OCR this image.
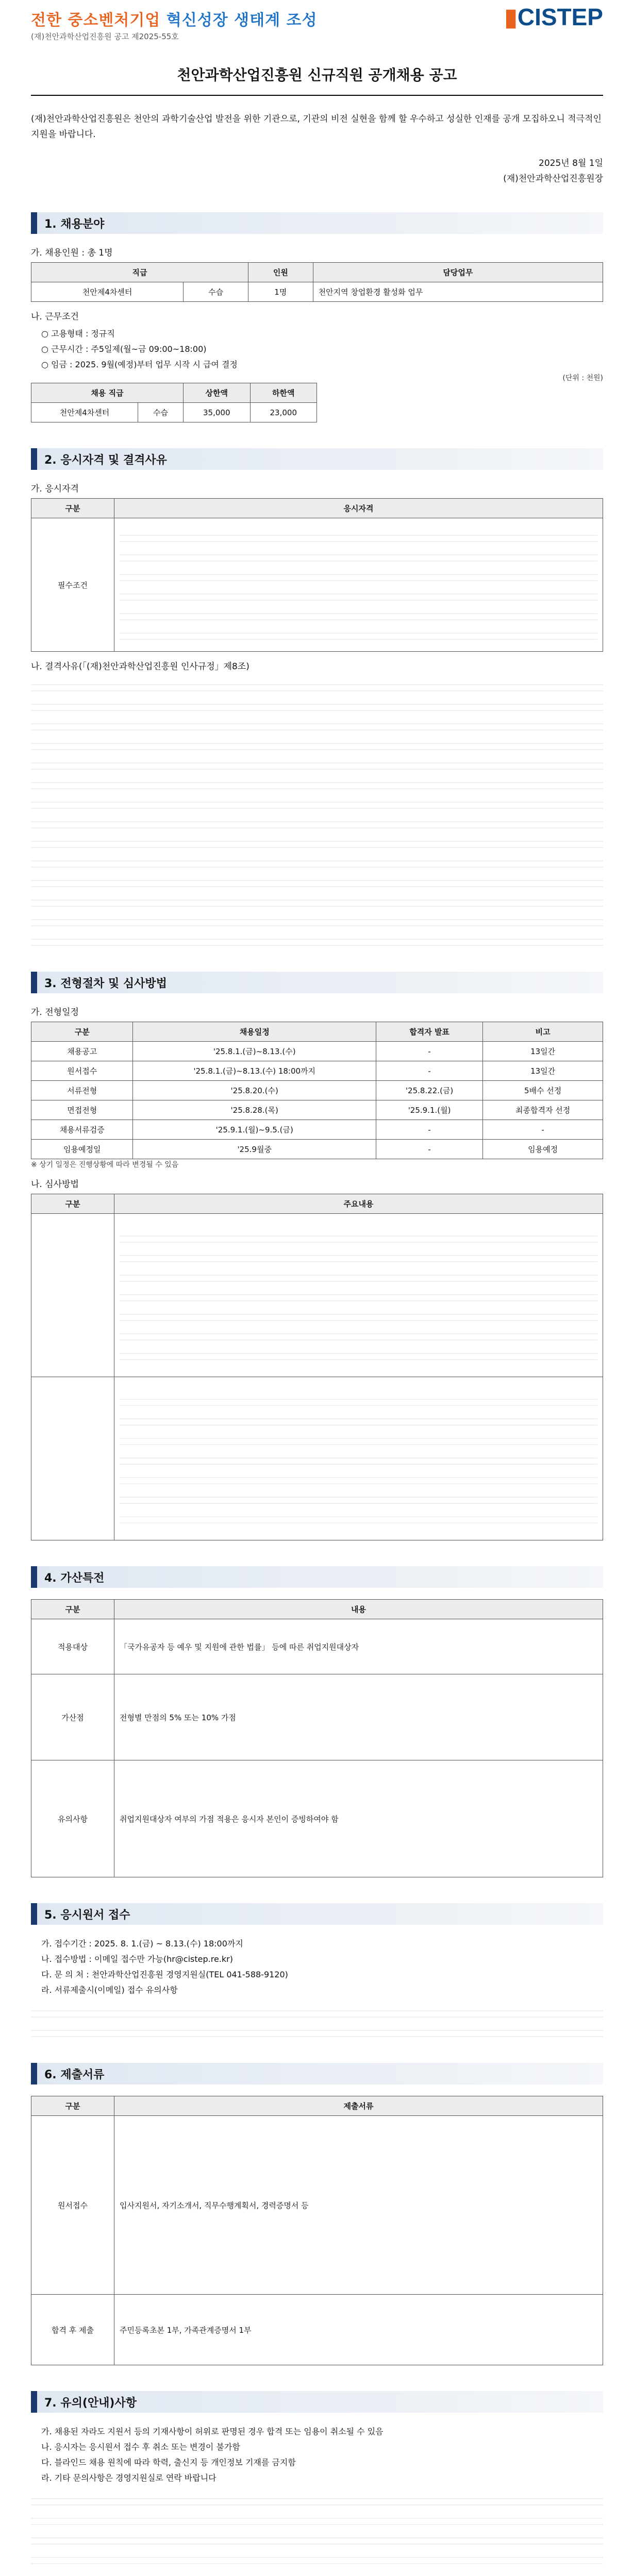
전한 중소벤처기업 혁신성장 생태계 조성	▮CISTEP
(재)천안과학산업진흥원 공고 제2025-55호
천안과학산업진흥원 신규직원 공개채용 공고

(재)천안과학산업진흥원은 천안의 과학기술산업 발전을 위한 기관으로, 기관의 비전 실현을 함께 할 우수하고 성실한 인재를 공개 모집하오니 적극적인 지원을 바랍니다.

2025년 8월 1일
(재)천안과학산업진흥원장
1. 채용분야
가. 채용인원 : 총 1명
직급		인원	담당업무
천안제4차센터	수습	1명	천안지역 창업환경 활성화 업무
나. 근무조건
○ 고용형태 : 정규직
○ 근무시간 : 주5일제(월~금 09:00~18:00)
○ 임금 : 2025. 9월(예정)부터 업무 시작 시 급여 결정
(단위 : 천원)
채용 직급		상한액	하한액
천안제4차센터	수습	35,000	23,000
2. 응시자격 및 결격사유
가. 응시자격
구분	응시자격
필수조건	
나. 결격사유(「(재)천안과학산업진흥원 인사규정」제8조)
3. 전형절차 및 심사방법
가. 전형일정
구분	채용일정	합격자 발표	비고
채용공고	'25.8.1.(금)~8.13.(수)	-	13일간
원서접수	'25.8.1.(금)~8.13.(수) 18:00까지	-	13일간
서류전형	'25.8.20.(수)	'25.8.22.(금)	5배수 선정
면접전형	'25.8.28.(목)	'25.9.1.(월)	최종합격자 선정
채용서류검증	'25.9.1.(월)~9.5.(금)	-	-
임용예정일	'25.9월중	-	임용예정
※ 상기 일정은 진행상황에 따라 변경될 수 있음
나. 심사방법
구분	주요내용

4. 가산특전
구분	내용
적용대상	「국가유공자 등 예우 및 지원에 관한 법률」 등에 따른 취업지원대상자
가산점	전형별 만점의 5% 또는 10% 가점
유의사항	취업지원대상자 여부의 가점 적용은 응시자 본인이 증빙하여야 함
5. 응시원서 접수
가. 접수기간 : 2025. 8. 1.(금) ~ 8.13.(수) 18:00까지
나. 접수방법 : 이메일 접수만 가능(hr@cistep.re.kr)
다. 문 의 처 : 천안과학산업진흥원 경영지원실(TEL 041-588-9120)
라. 서류제출시(이메일) 접수 유의사항
6. 제출서류
구분	제출서류
원서접수	입사지원서, 자기소개서, 직무수행계획서, 경력증명서 등
합격 후 제출	주민등록초본 1부, 가족관계증명서 1부
7. 유의(안내)사항
가. 채용된 자라도 지원서 등의 기재사항이 허위로 판명된 경우 합격 또는 임용이 취소될 수 있음
나. 응시자는 응시원서 접수 후 취소 또는 변경이 불가함
다. 블라인드 채용 원칙에 따라 학력, 출신지 등 개인정보 기재를 금지함
라. 기타 문의사항은 경영지원실로 연락 바랍니다
